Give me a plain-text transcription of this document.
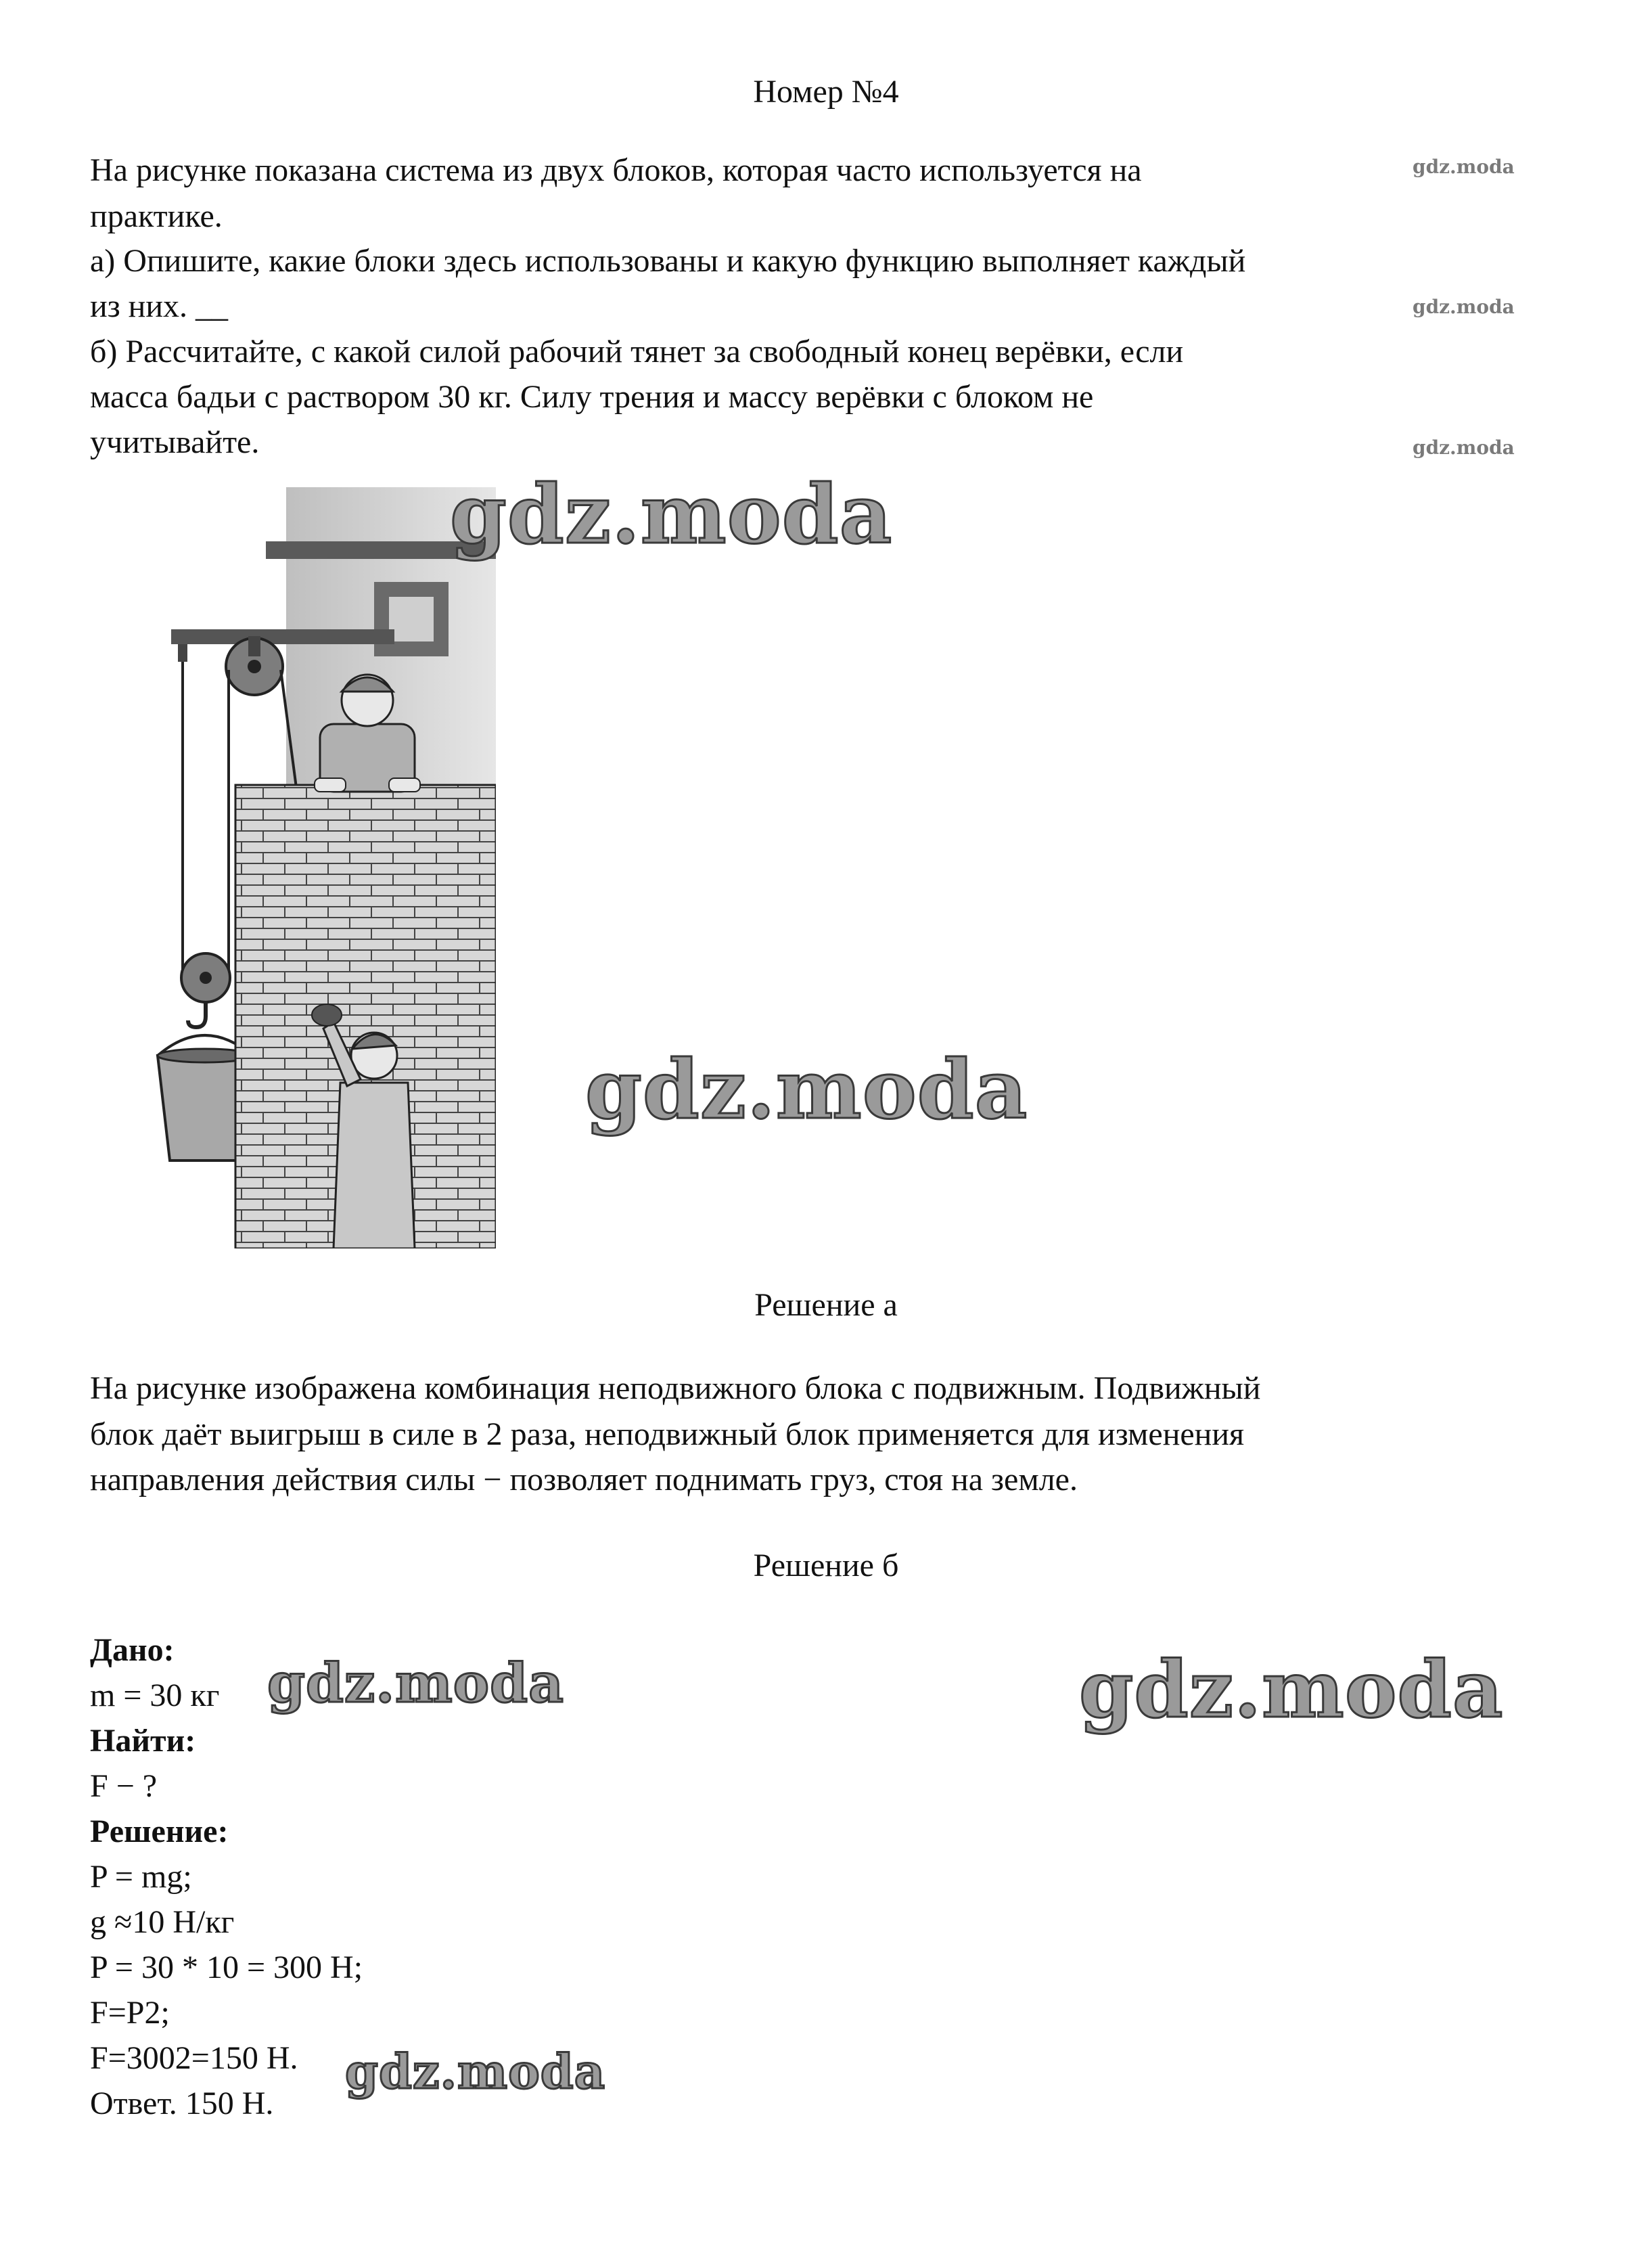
Номер №4
На рисунке показана система из двух блоков, которая часто используется на
практике.
а) Опишите, какие блоки здесь использованы и какую функцию выполняет каждый
из них. __
б) Рассчитайте, с какой силой рабочий тянет за свободный конец верёвки, если
масса бадьи с раствором 30 кг. Силу трения и массу верёвки с блоком не
учитывайте.
gdz.moda
gdz.moda
gdz.moda
gdz.moda
gdz.moda
gdz.moda	gdz.moda
gdz.moda
Решение а
На рисунке изображена комбинация неподвижного блока с подвижным. Подвижный
блок даёт выигрыш в силе в 2 раза, неподвижный блок применяется для изменения
направления действия силы − позволяет поднимать груз, стоя на земле.
Решение б
Дано:
m = 30 кг
Найти:
F − ?
Решение:
P = mg;
g ≈10 Н/кг
P = 30 * 10 = 300 Н;
F=P2;
F=3002=150 Н.
Ответ. 150 Н.
